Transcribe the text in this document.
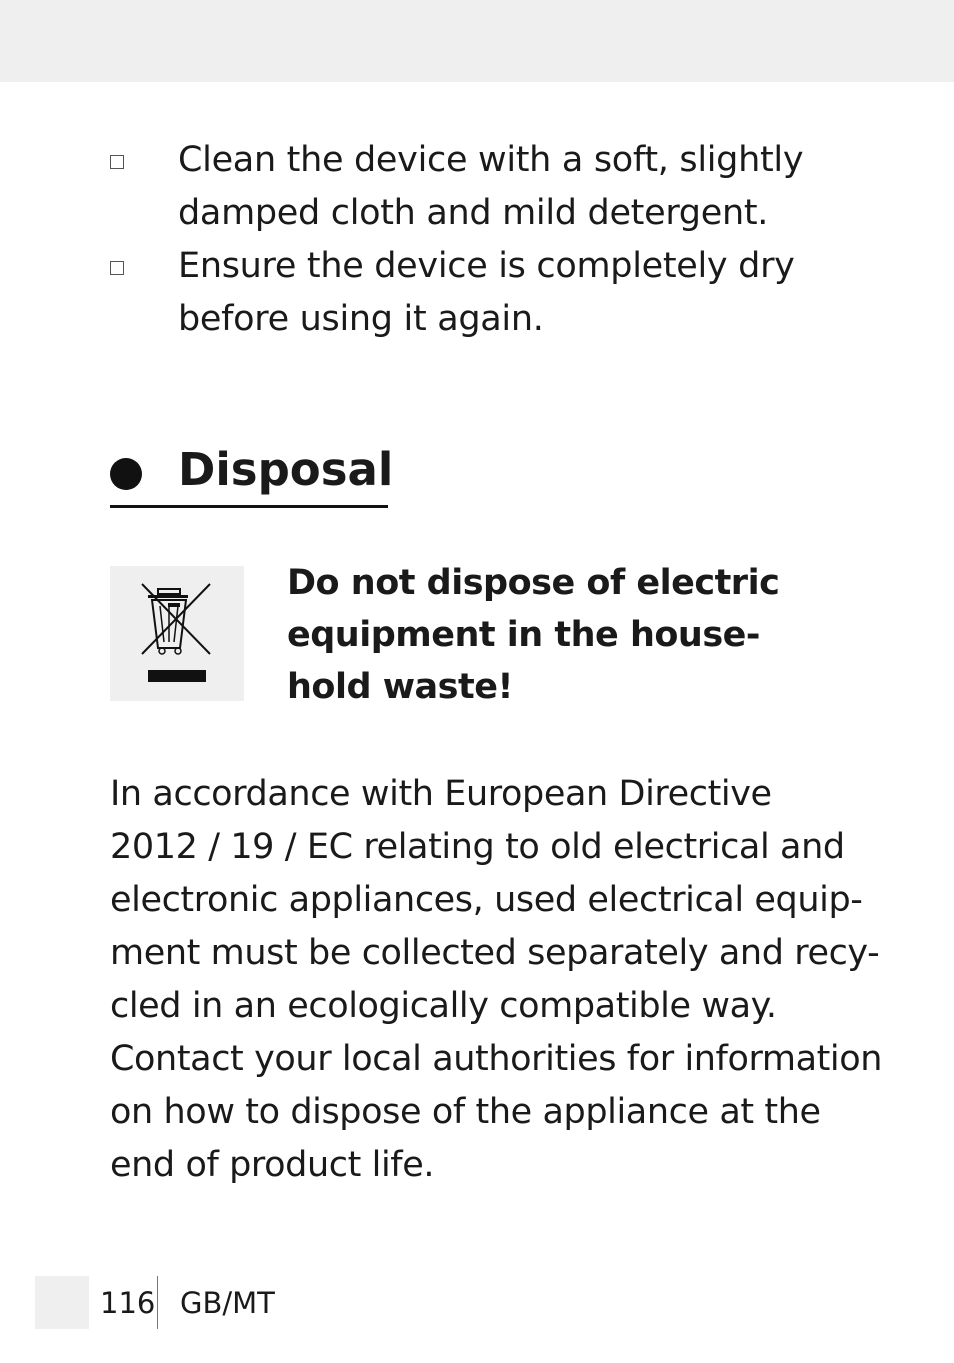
Clean the device with a soft, slightly
damped cloth and mild detergent.
Ensure the device is completely dry
before using it again.
Disposal
Do not dispose of electric
equipment in the house-
hold waste!
In accordance with European Directive
2012 / 19 / EC relating to old electrical and
electronic appliances, used electrical equip-
ment must be collected separately and recy-
cled in an ecologically compatible way.
Contact your local authorities for information
on how to dispose of the appliance at the
end of product life.
116 GB/MT
